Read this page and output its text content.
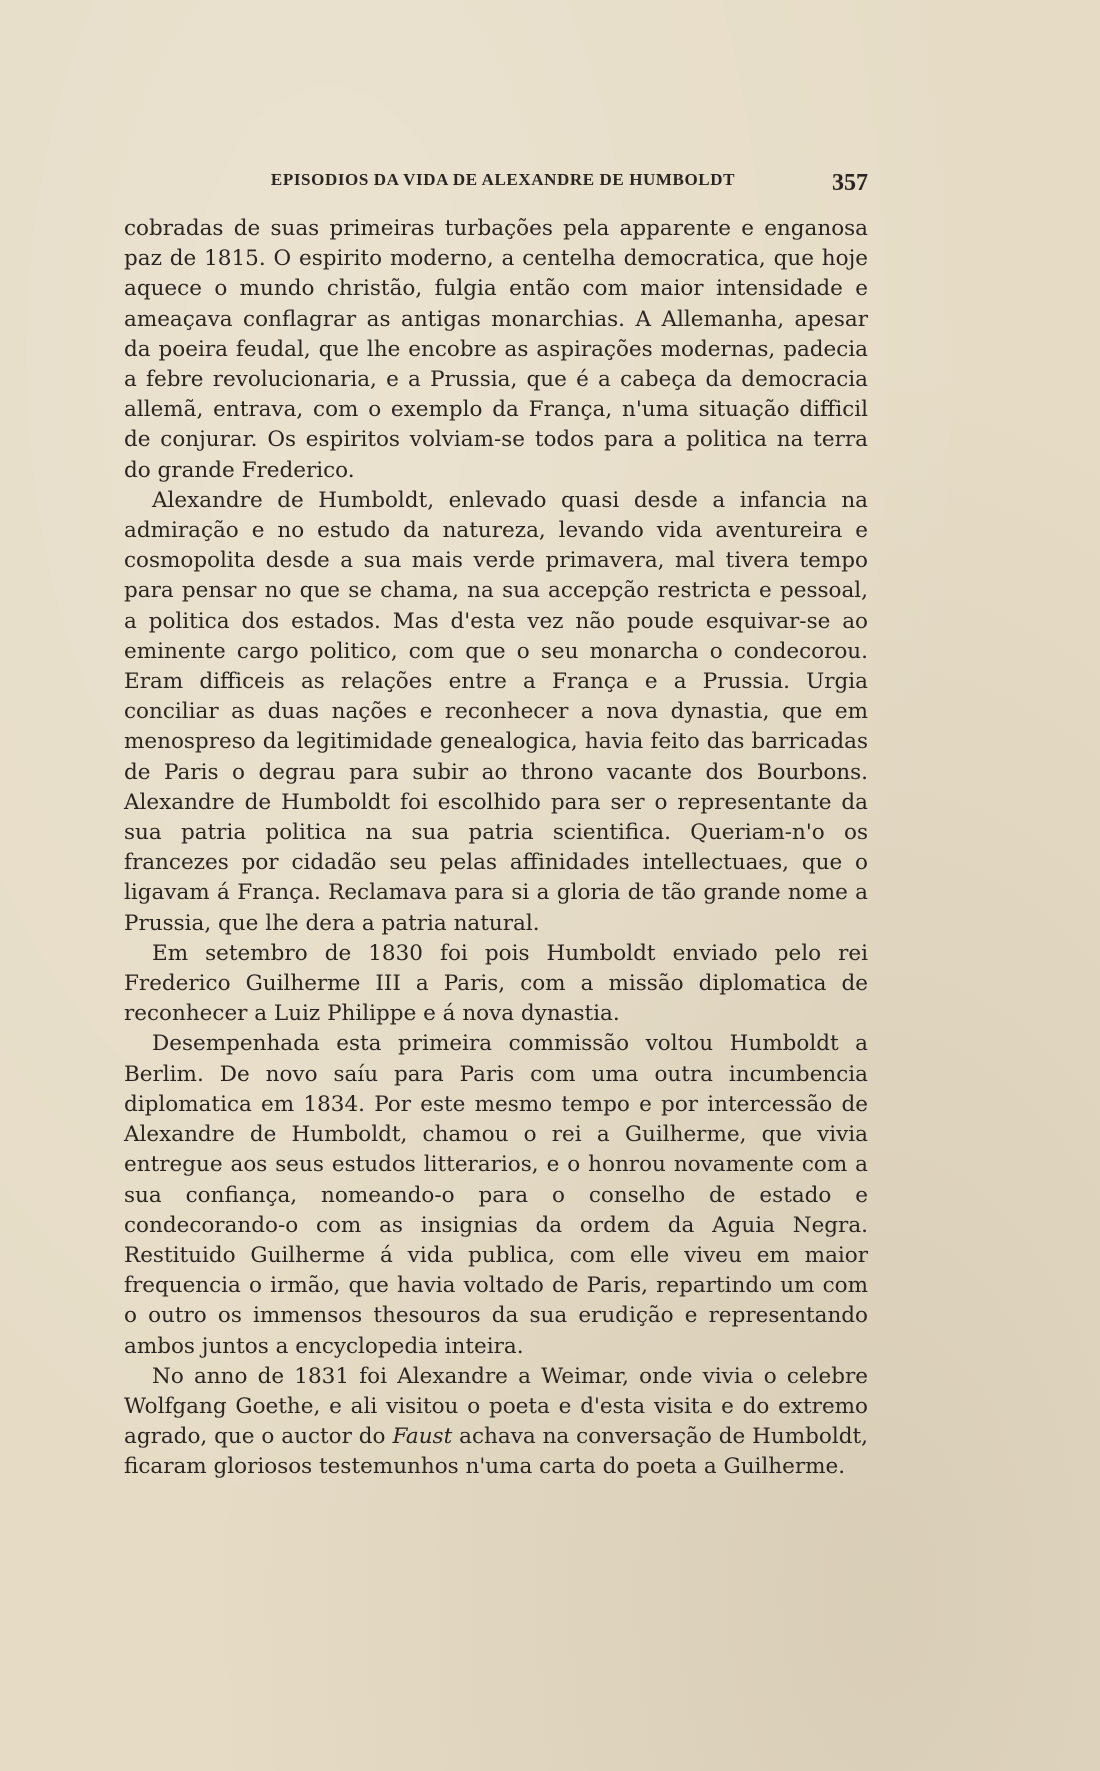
EPISODIOS DA VIDA DE ALEXANDRE DE HUMBOLDT	357

cobradas de suas primeiras turbações pela apparente e enganosa paz de 1815. O espirito moderno, a centelha democratica, que hoje aquece o mundo christão, fulgia então com maior intensidade e ameaçava conflagrar as antigas monarchias. A Allemanha, apesar da poeira feudal, que lhe encobre as aspirações modernas, padecia a febre revolucionaria, e a Prussia, que é a cabeça da democracia allemã, entrava, com o exemplo da França, n'uma situação difficil de conjurar. Os espiritos volviam-se todos para a politica na terra do grande Frederico.

Alexandre de Humboldt, enlevado quasi desde a infancia na admiração e no estudo da natureza, levando vida aventureira e cosmopolita desde a sua mais verde primavera, mal tivera tempo para pensar no que se chama, na sua accepção restricta e pessoal, a politica dos estados. Mas d'esta vez não poude esquivar-se ao eminente cargo politico, com que o seu monarcha o condecorou. Eram difficeis as relações entre a França e a Prussia. Urgia conciliar as duas nações e reconhecer a nova dynastia, que em menospreso da legitimidade genealogica, havia feito das barricadas de Paris o degrau para subir ao throno vacante dos Bourbons. Alexandre de Humboldt foi escolhido para ser o representante da sua patria politica na sua patria scientifica. Queriam-n'o os francezes por cidadão seu pelas affinidades intellectuaes, que o ligavam á França. Reclamava para si a gloria de tão grande nome a Prussia, que lhe dera a patria natural.

Em setembro de 1830 foi pois Humboldt enviado pelo rei Frederico Guilherme III a Paris, com a missão diplomatica de reconhecer a Luiz Philippe e á nova dynastia.

Desempenhada esta primeira commissão voltou Humboldt a Berlim. De novo saíu para Paris com uma outra incumbencia diplomatica em 1834. Por este mesmo tempo e por intercessão de Alexandre de Humboldt, chamou o rei a Guilherme, que vivia entregue aos seus estudos litterarios, e o honrou novamente com a sua confiança, nomeando-o para o conselho de estado e condecorando-o com as insignias da ordem da Aguia Negra. Restituido Guilherme á vida publica, com elle viveu em maior frequencia o irmão, que havia voltado de Paris, repartindo um com o outro os immensos thesouros da sua erudição e representando ambos juntos a encyclopedia inteira.

No anno de 1831 foi Alexandre a Weimar, onde vivia o celebre Wolfgang Goethe, e ali visitou o poeta e d'esta visita e do extremo agrado, que o auctor do Faust achava na conversação de Humboldt, ficaram gloriosos testemunhos n'uma carta do poeta a Guilherme.
